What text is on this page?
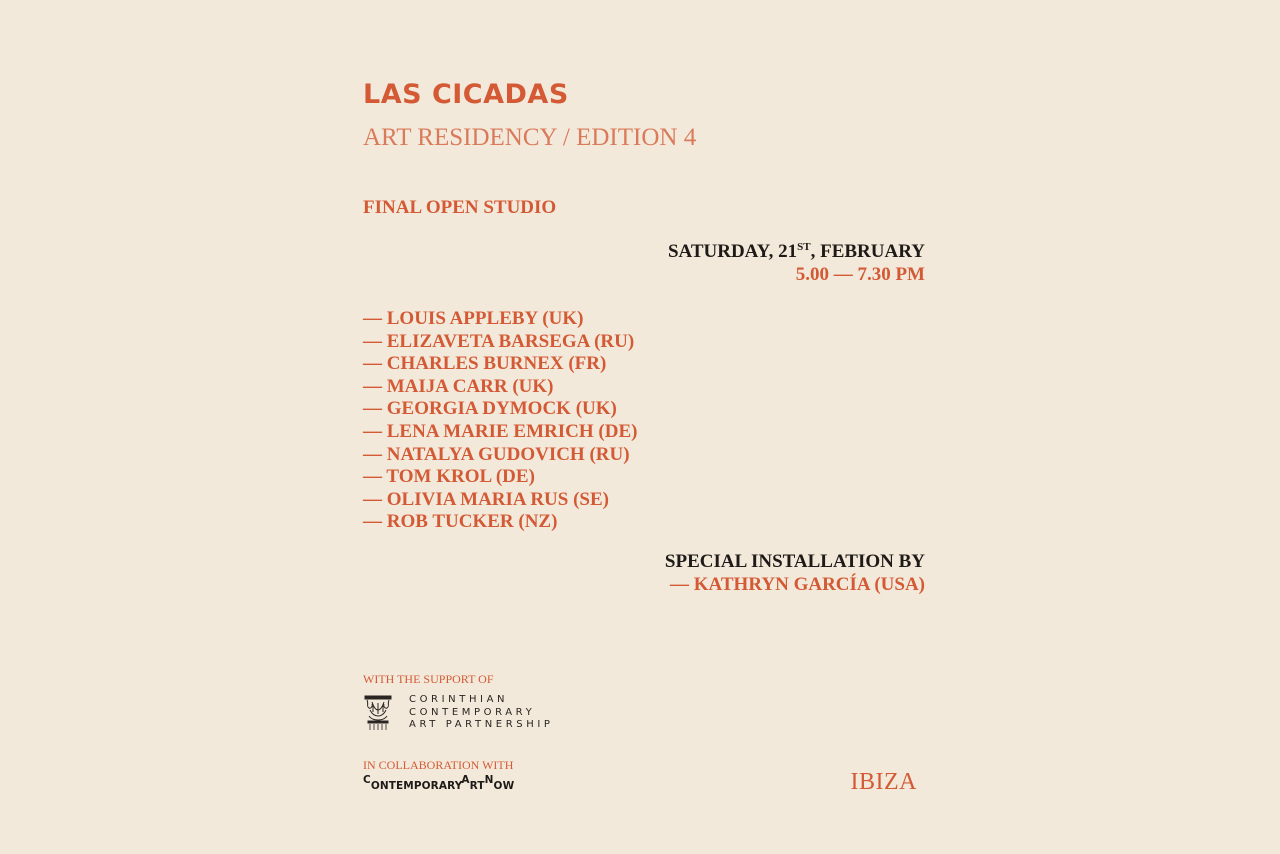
LAS CICADAS
ART RESIDENCY / EDITION 4
FINAL OPEN STUDIO
SATURDAY, 21ST, FEBRUARY
5.00 — 7.30 PM
— LOUIS APPLEBY (UK)
— ELIZAVETA BARSEGA (RU)
— CHARLES BURNEX (FR)
— MAIJA CARR (UK)
— GEORGIA DYMOCK (UK)
— LENA MARIE EMRICH (DE)
— NATALYA GUDOVICH (RU)
— TOM KROL (DE)
— OLIVIA MARIA RUS (SE)
— ROB TUCKER (NZ)
SPECIAL INSTALLATION BY
— KATHRYN GARCÍA (USA)
WITH THE SUPPORT OF
CORINTHIAN
CONTEMPORARY
ART PARTNERSHIP
IN COLLABORATION WITH
CONTEMPORARYARTNOW	IBIZA
